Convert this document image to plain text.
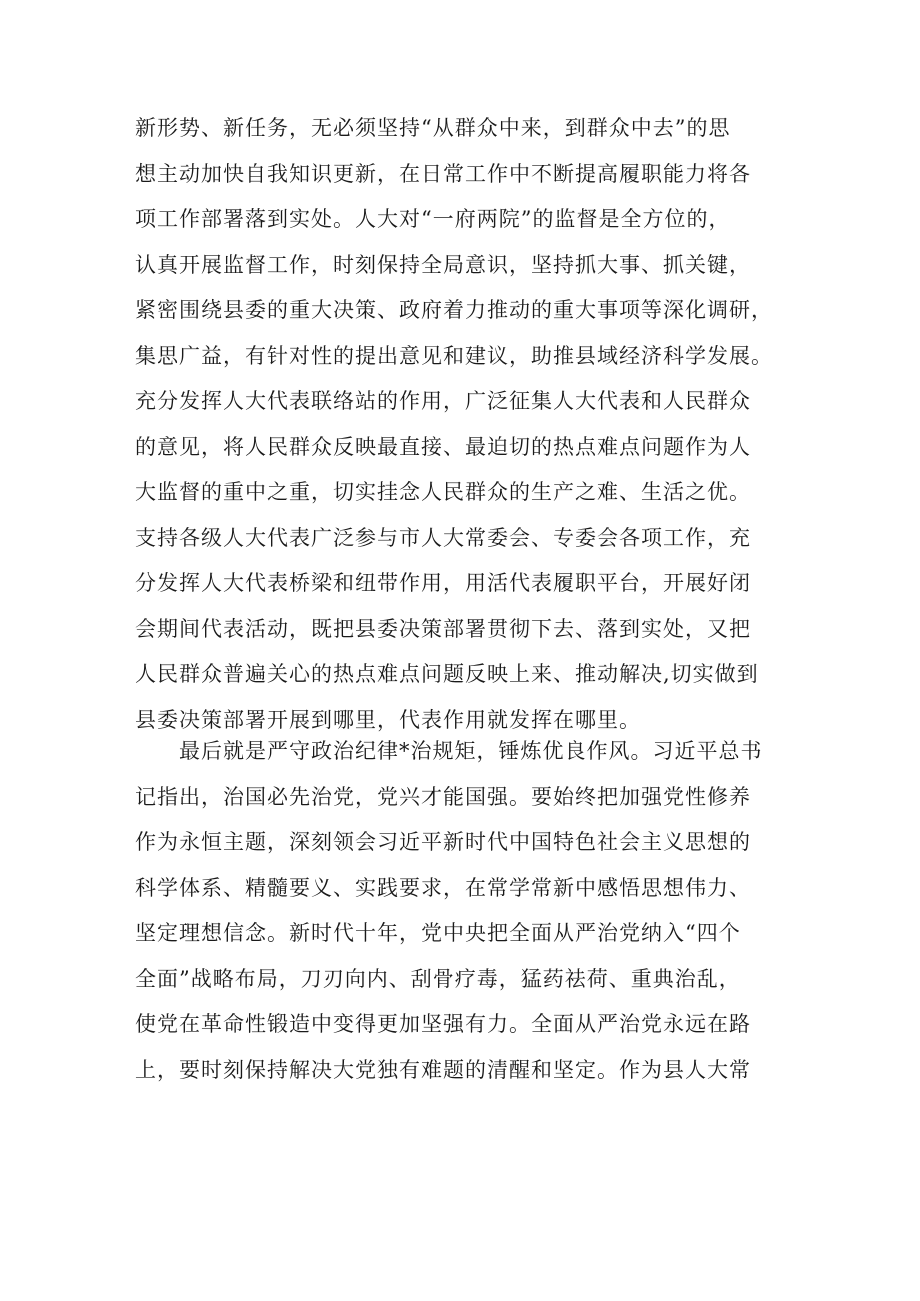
新形势、新任务，无必须坚持“从群众中来，到群众中去”的思
想主动加快自我知识更新，在日常工作中不断提高履职能力将各
项工作部署落到实处。人大对“一府两院”的监督是全方位的，
认真开展监督工作，时刻保持全局意识，坚持抓大事、抓关键，
紧密围绕县委的重大决策、政府着力推动的重大事项等深化调研，
集思广益，有针对性的提出意见和建议，助推县域经济科学发展。
充分发挥人大代表联络站的作用，广泛征集人大代表和人民群众
的意见，将人民群众反映最直接、最迫切的热点难点问题作为人
大监督的重中之重，切实挂念人民群众的生产之难、生活之优。
支持各级人大代表广泛参与市人大常委会、专委会各项工作，充
分发挥人大代表桥梁和纽带作用，用活代表履职平台，开展好闭
会期间代表活动，既把县委决策部署贯彻下去、落到实处，又把
人民群众普遍关心的热点难点问题反映上来、推动解决,切实做到
县委决策部署开展到哪里，代表作用就发挥在哪里。
最后就是严守政治纪律*治规矩，锤炼优良作风。习近平总书
记指出，治国必先治党，党兴才能国强。要始终把加强党性修养
作为永恒主题，深刻领会习近平新时代中国特色社会主义思想的
科学体系、精髓要义、实践要求，在常学常新中感悟思想伟力、
坚定理想信念。新时代十年，党中央把全面从严治党纳入“四个
全面”战略布局，刀刃向内、刮骨疗毒，猛药祛荷、重典治乱，
使党在革命性锻造中变得更加坚强有力。全面从严治党永远在路
上，要时刻保持解决大党独有难题的清醒和坚定。作为县人大常
